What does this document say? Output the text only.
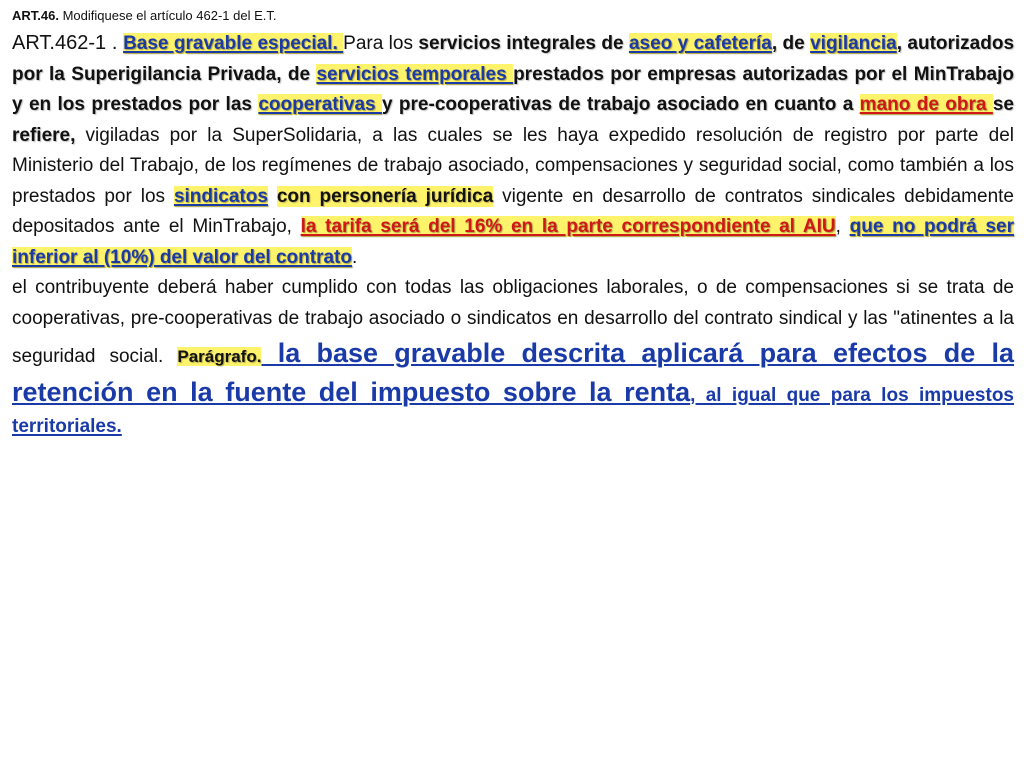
ART.46. Modifiquese el artículo 462-1 del E.T.

ART.462-1 . Base gravable especial. Para los servicios integrales de aseo y cafetería, de vigilancia, autorizados por la Superigilancia Privada, de servicios temporales prestados por empresas autorizadas por el MinTrabajo y en los prestados por las cooperativas y pre-cooperativas de trabajo asociado en cuanto a mano de obra se refiere, vigiladas por la SuperSolidaria, a las cuales se les haya expedido resolución de registro por parte del Ministerio del Trabajo, de los regímenes de trabajo asociado, compensaciones y seguridad social, como también a los prestados por los sindicatos con personería jurídica vigente en desarrollo de contratos sindicales debidamente depositados ante el MinTrabajo, la tarifa será del 16% en la parte correspondiente al AIU, que no podrá ser inferior al (10%) del valor del contrato.

el contribuyente deberá haber cumplido con todas las obligaciones laborales, o de compensaciones si se trata de cooperativas, pre-cooperativas de trabajo asociado o sindicatos en desarrollo del contrato sindical y las "atinentes a la seguridad social. Parágrafo. la base gravable descrita aplicará para efectos de la retención en la fuente del impuesto sobre la renta, al igual que para los impuestos territoriales.
